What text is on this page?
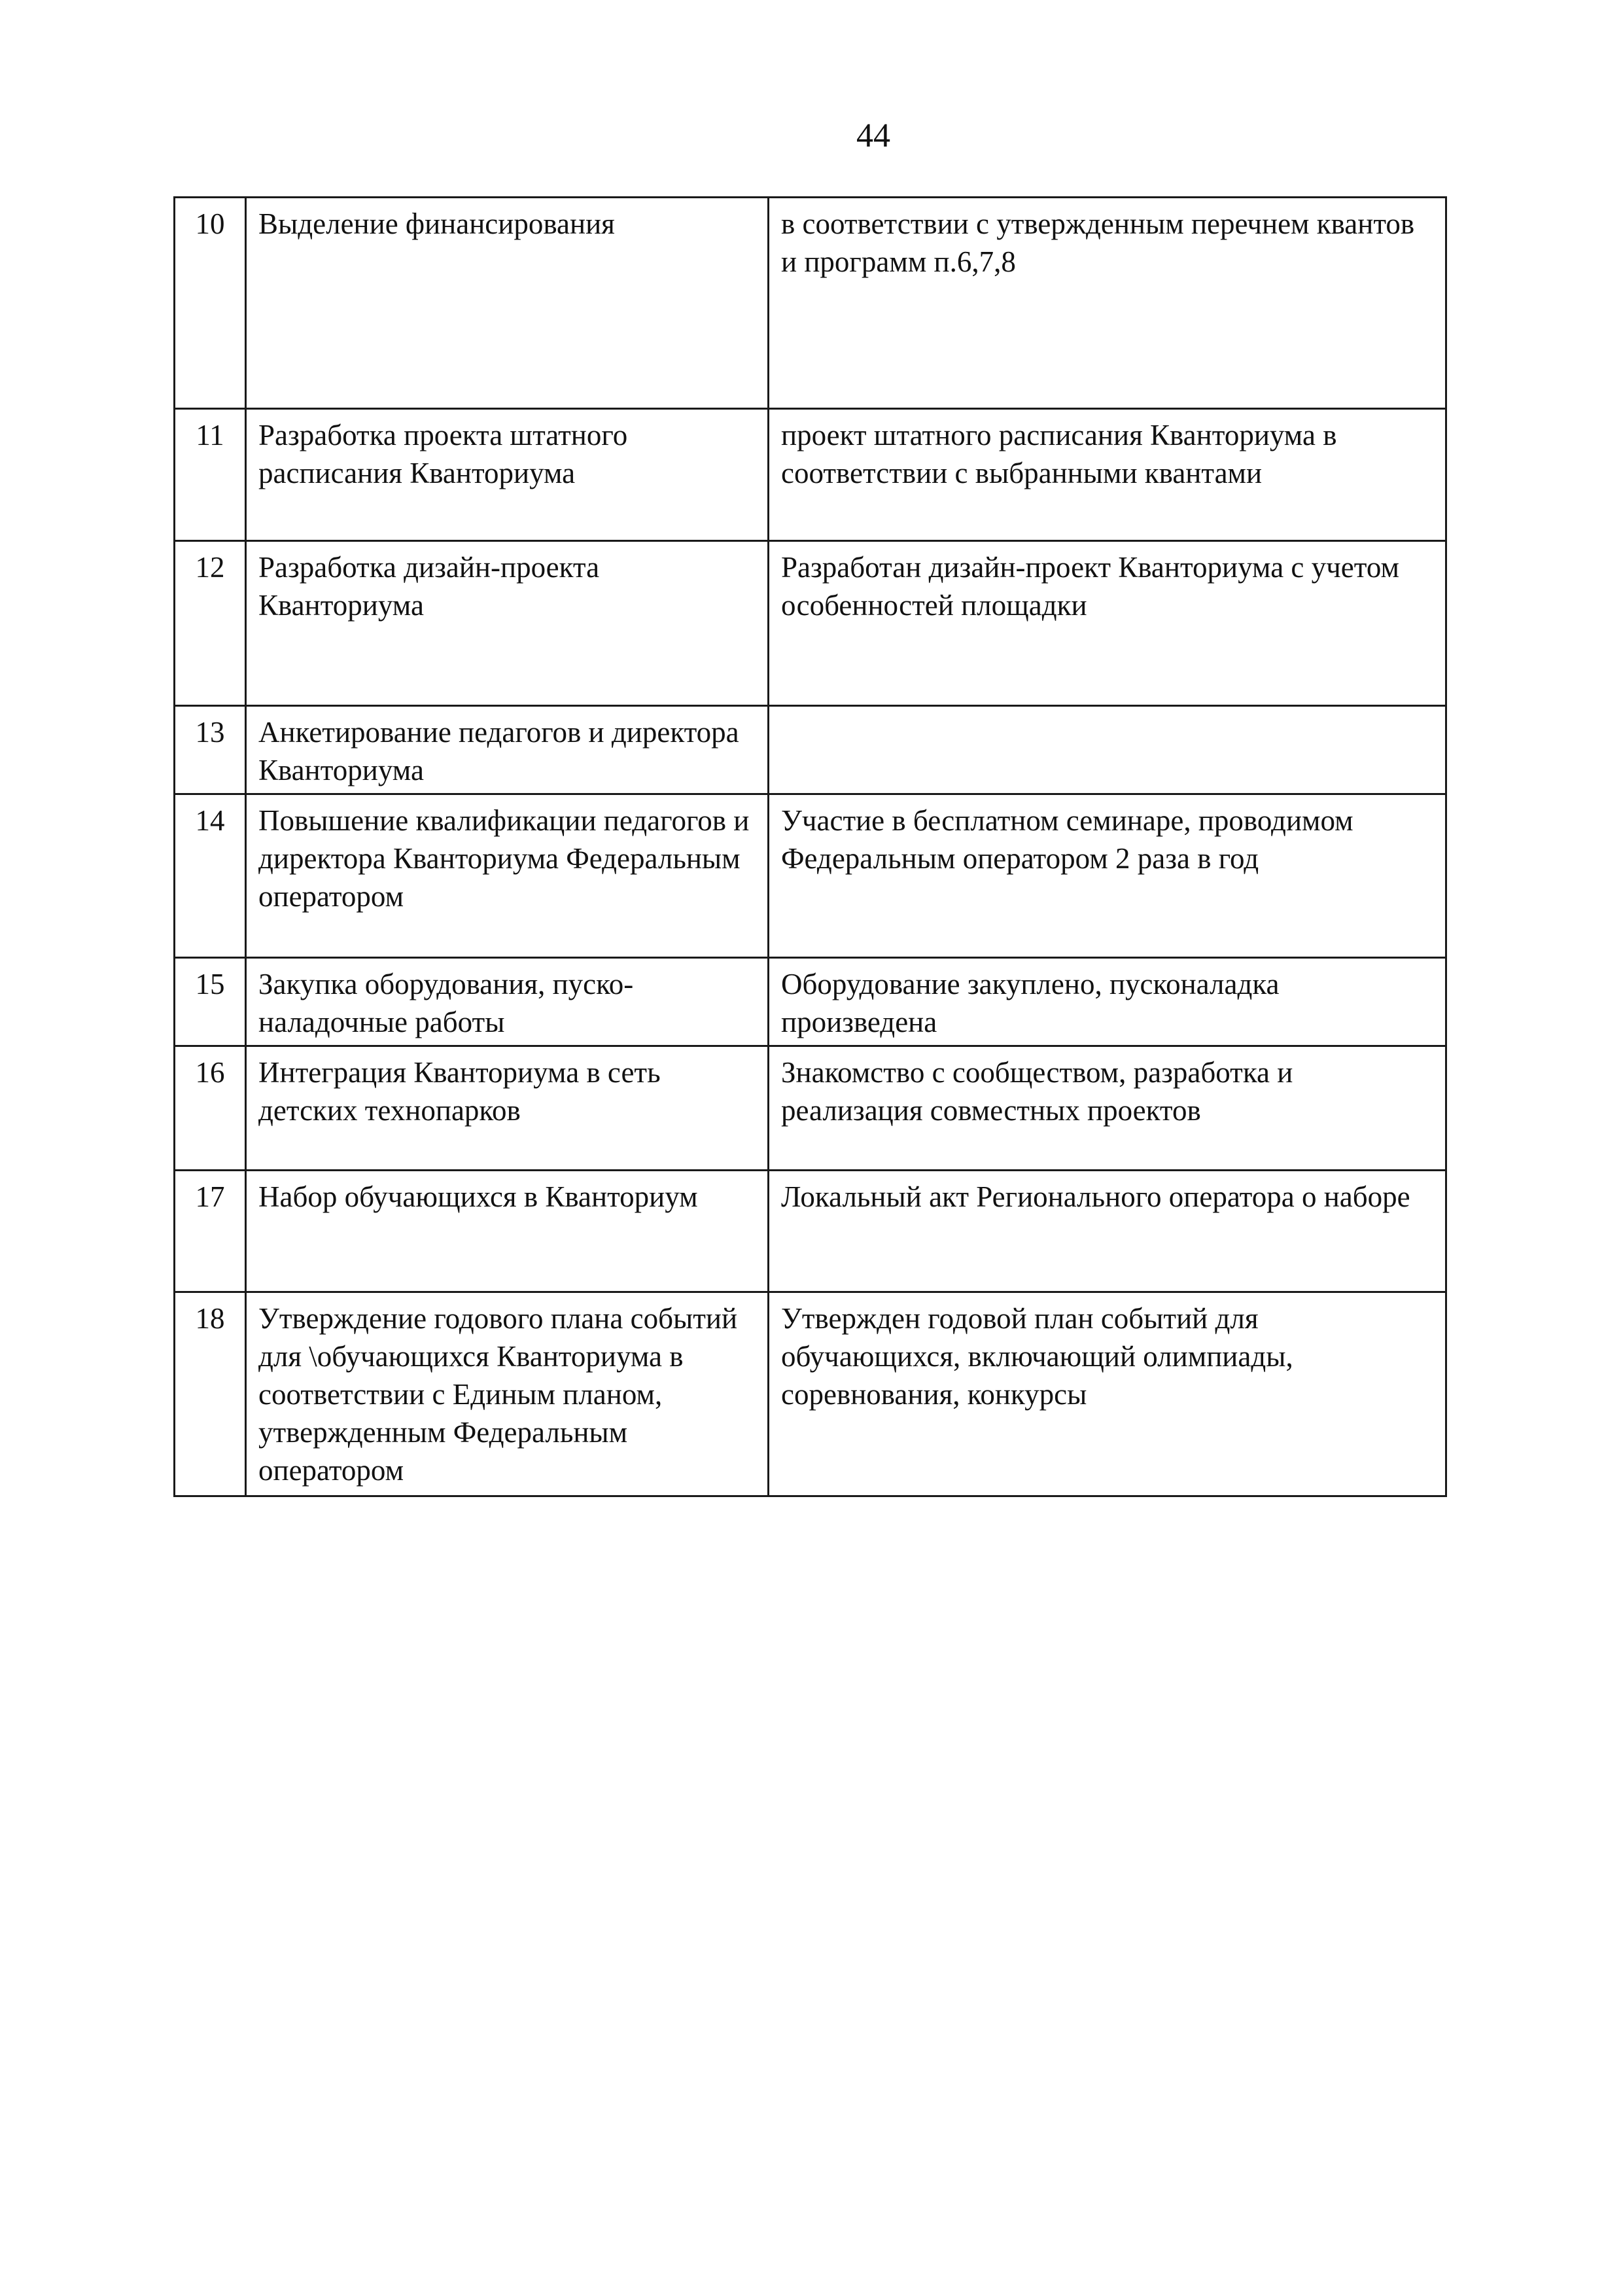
44
10	Выделение финансирования	в соответствии с утвержденным перечнем квантов и программ п.6,7,8
11	Разработка проекта штатного расписания Кванториума	проект штатного расписания Кванториума в соответствии с выбранными квантами
12	Разработка дизайн-проекта Кванториума	Разработан дизайн-проект Кванториума с учетом особенностей площадки
13	Анкетирование педагогов и директора Кванториума	
14	Повышение квалификации педагогов и директора Кванториума Федеральным оператором	Участие в бесплатном семинаре, проводимом Федеральным оператором 2 раза в год
15	Закупка оборудования, пуско-наладочные работы	Оборудование закуплено, пусконаладка произведена
16	Интеграция Кванториума в сеть детских технопарков	Знакомство с сообществом, разработка и реализация совместных проектов
17	Набор обучающихся в Кванториум	Локальный акт Регионального оператора о наборе
18	Утверждение годового плана событий для \обучающихся Кванториума в соответствии с Единым планом, утвержденным Федеральным оператором	Утвержден годовой план событий для обучающихся, включающий олимпиады, соревнования, конкурсы
